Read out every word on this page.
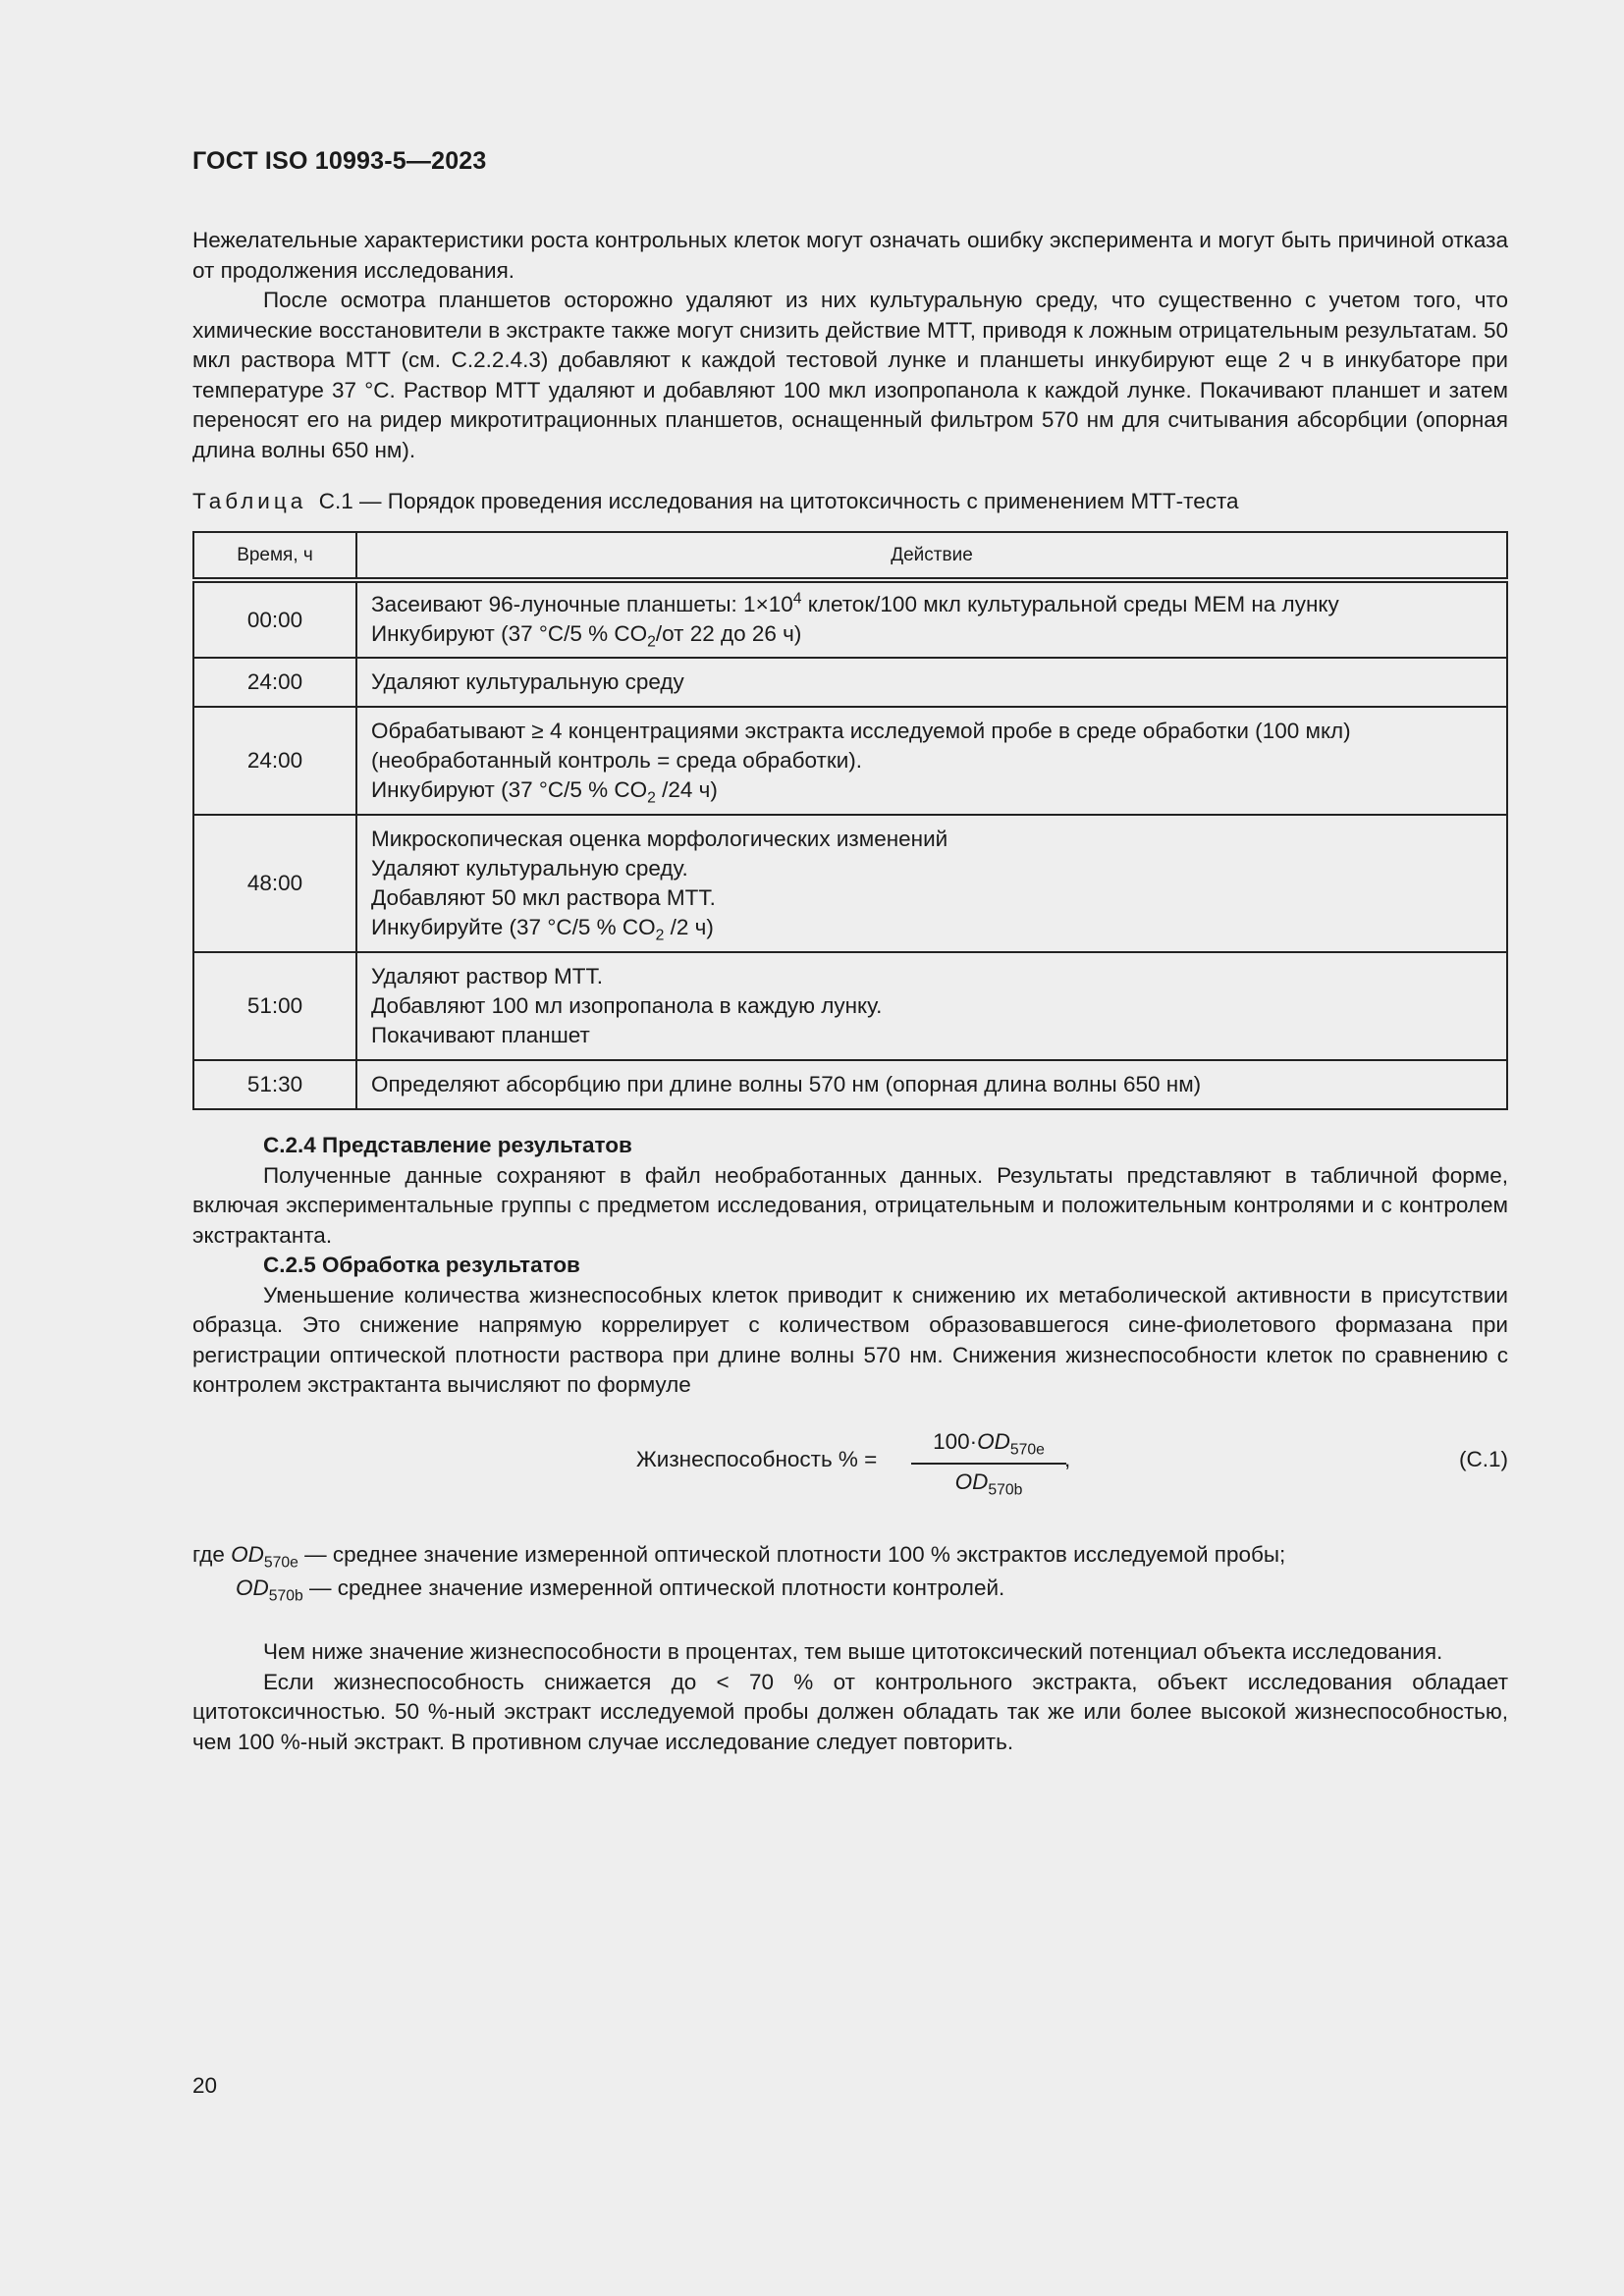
ГОСТ ISO 10993-5—2023

Нежелательные характеристики роста контрольных клеток могут означать ошибку эксперимента и могут быть причиной отказа от продолжения исследования.

После осмотра планшетов осторожно удаляют из них культуральную среду, что существенно с учетом того, что химические восстановители в экстракте также могут снизить действие МТТ, приводя к ложным отрицательным результатам. 50 мкл раствора МТТ (см. С.2.2.4.3) добавляют к каждой тестовой лунке и планшеты инкубируют еще 2 ч в инкубаторе при температуре 37 °С. Раствор МТТ удаляют и добавляют 100 мкл изопропанола к каждой лунке. Покачивают планшет и затем переносят его на ридер микротитрационных планшетов, оснащенный фильтром 570 нм для считывания абсорбции (опорная длина волны 650 нм).

Таблица С.1 — Порядок проведения исследования на цитотоксичность с применением МТТ-теста
Время, ч	Действие
00:00	Засеивают 96-луночные планшеты: $1\times 10^4$ клеток/100 мкл культуральной среды МЕМ на лунку
Инкубируют (37 °С/5 % $CO_2/от$ 22 до 26 ч)

24:00	Удаляют культуральную среду

24:00	Обрабатывают ≥ 4 концентрациями экстракта исследуемой пробе в среде обработки (100 мкл)
(необработанный контроль = среда обработки).
Инкубируют (37 °С/5 % $CO_2$ /24 ч)

48:00	Микроскопическая оценка морфологических изменений
Удаляют культуральную среду.
Добавляют 50 мкл раствора МТТ.
Инкубируйте (37 °С/5 % $CO_2$ /2 ч)

51:00	Удаляют раствор МТТ.
Добавляют 100 мл изопропанола в каждую лунку.
Покачивают планшет

51:30	Определяют абсорбцию при длине волны 570 нм (опорная длина волны 650 нм)

С.2.4 Представление результатов

Полученные данные сохраняют в файл необработанных данных. Результаты представляют в табличной форме, включая экспериментальные группы с предметом исследования, отрицательным и положительным контролями и с контролем экстрактанта.

С.2.5 Обработка результатов

Уменьшение количества жизнеспособных клеток приводит к снижению их метаболической активности в присутствии образца. Это снижение напрямую коррелирует с количеством образовавшегося сине-фиолетового формазана при регистрации оптической плотности раствора при длине волны 570 нм. Снижения жизнеспособности клеток по сравнению с контролем экстрактанта вычисляют по формуле

Жизнеспособность % =
$100\cdot OD_{570e}$
$OD_{570b}$
,	(С.1)
где $OD_{570e}$ — среднее значение измеренной оптической плотности 100 % экстрактов исследуемой пробы;
$OD_{570b}$ — среднее значение измеренной оптической плотности контролей.

Чем ниже значение жизнеспособности в процентах, тем выше цитотоксический потенциал объекта исследования.

Если жизнеспособность снижается до < 70 % от контрольного экстракта, объект исследования обладает цитотоксичностью. 50 %-ный экстракт исследуемой пробы должен обладать так же или более высокой жизнеспособностью, чем 100 %-ный экстракт. В противном случае исследование следует повторить.

20
